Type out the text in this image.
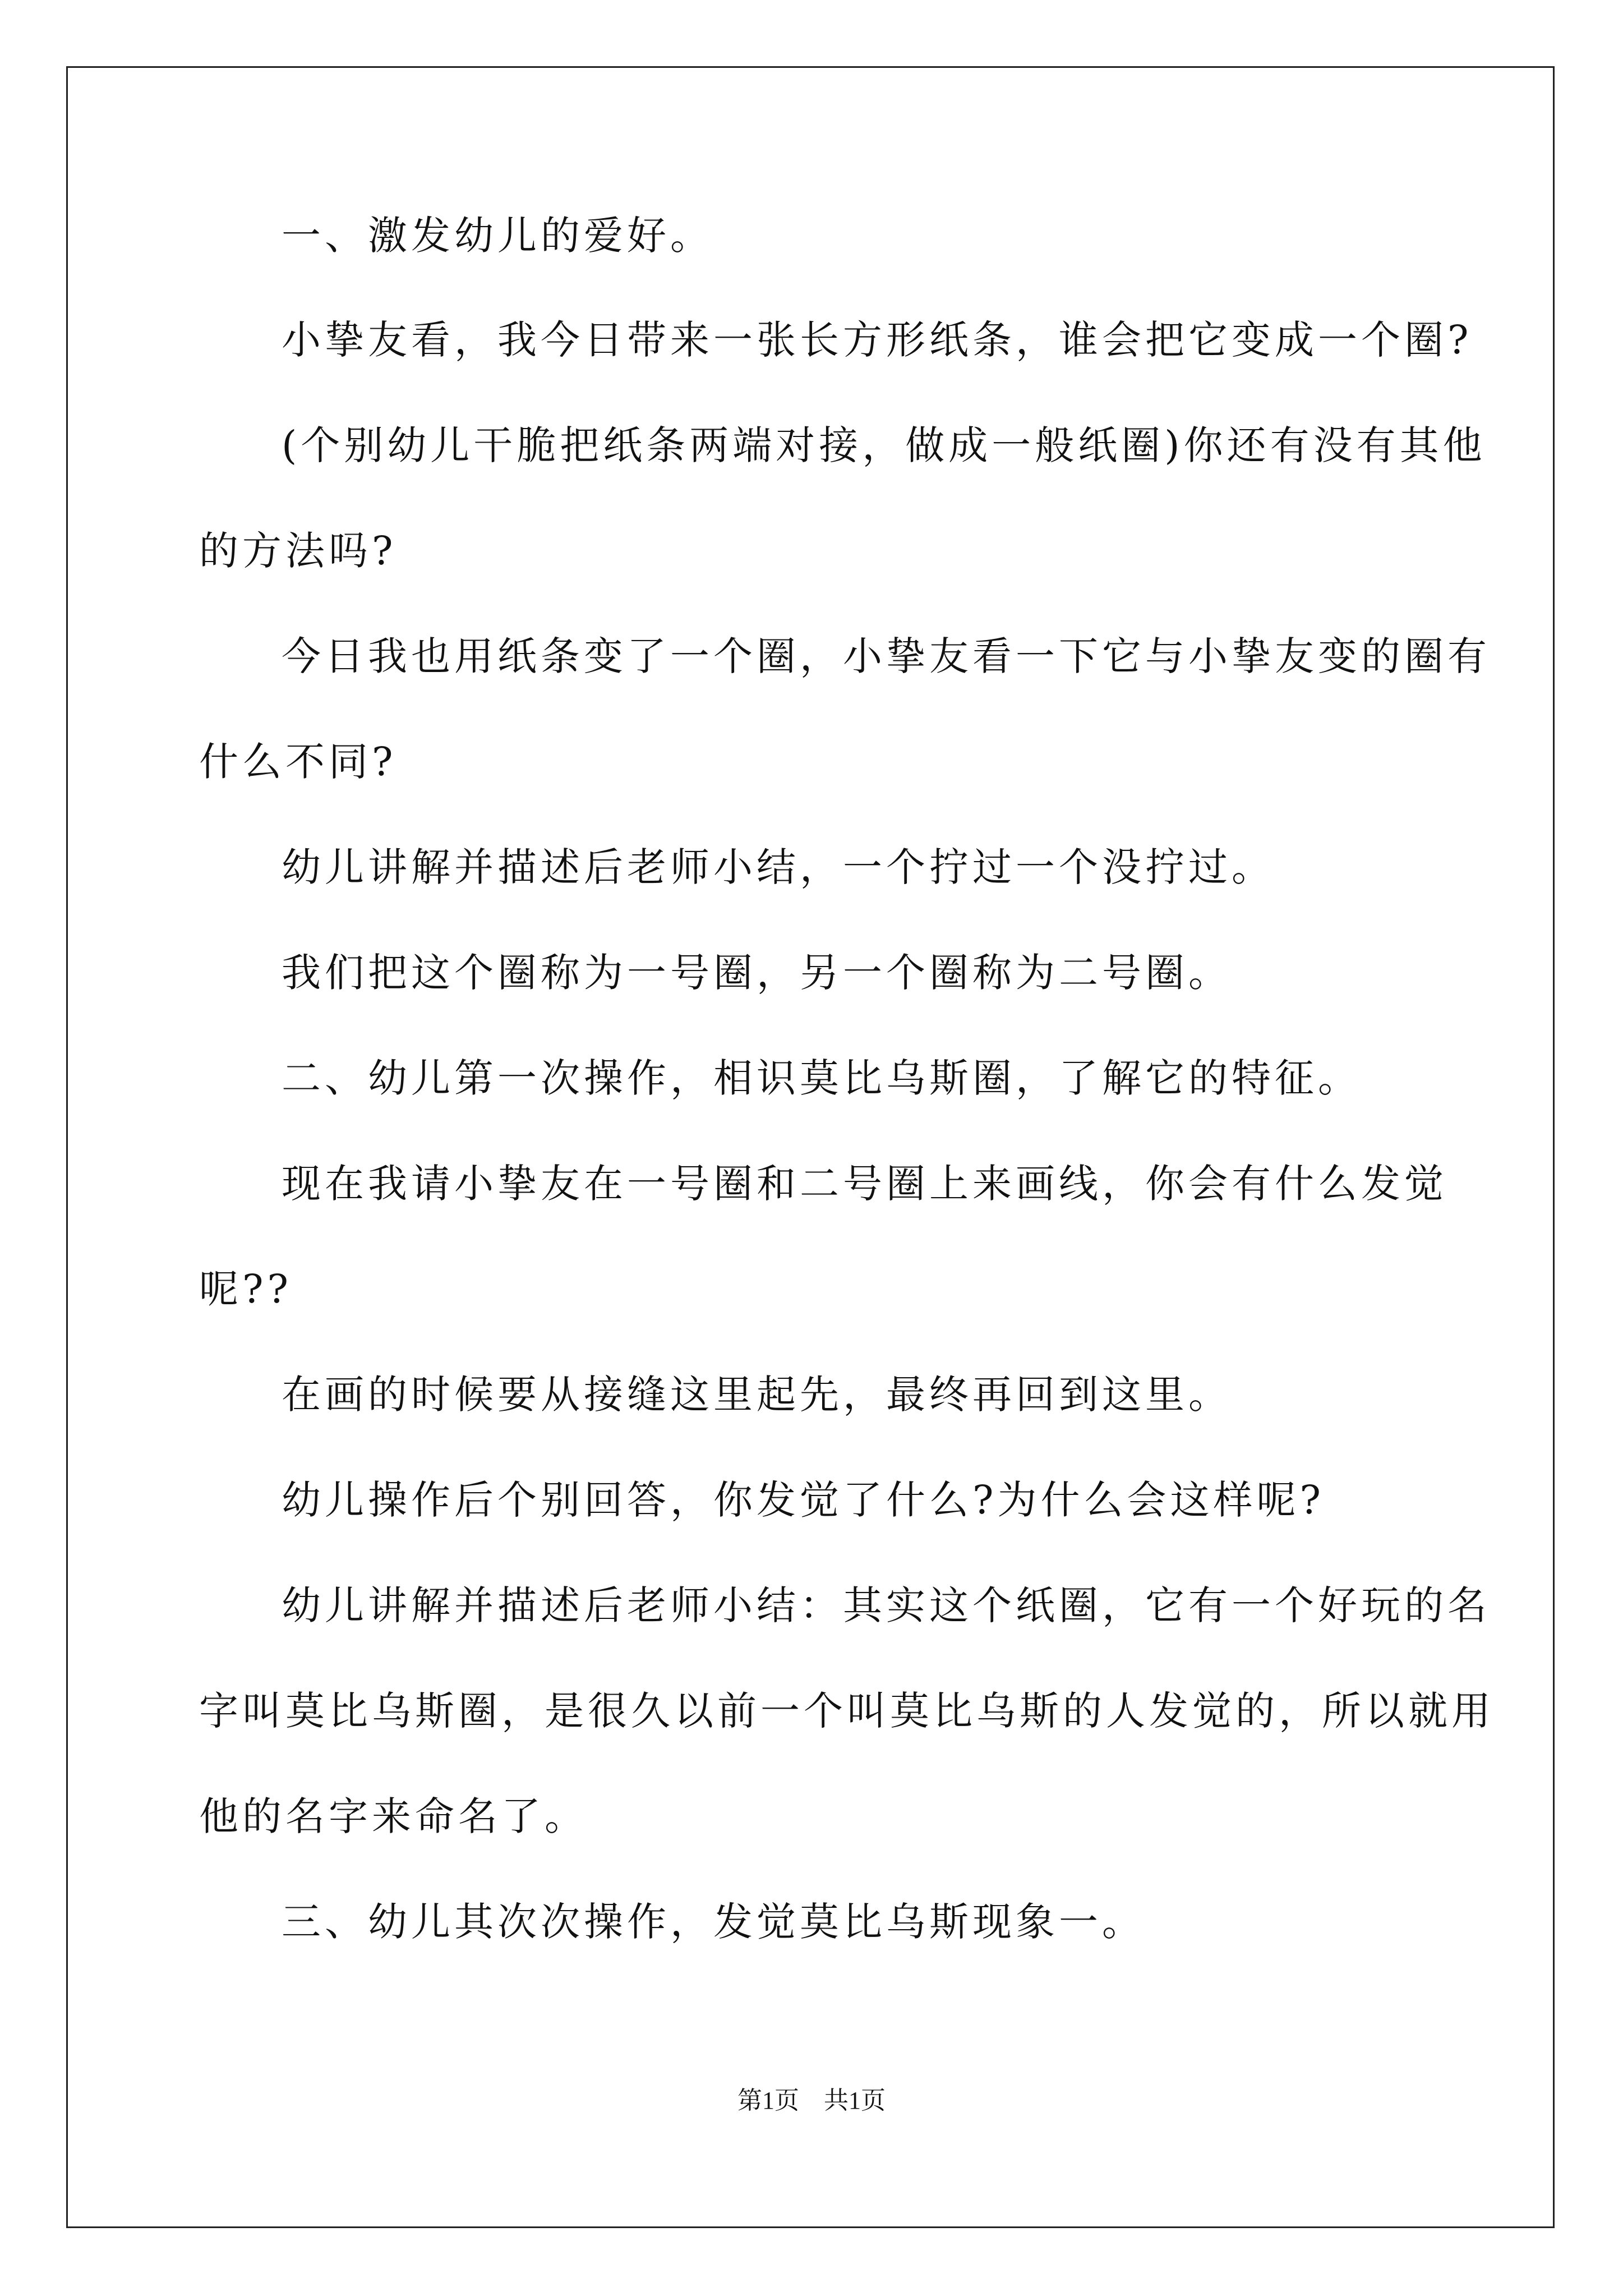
一、激发幼儿的爱好。
小挚友看，我今日带来一张长方形纸条，谁会把它变成一个圈?
(个别幼儿干脆把纸条两端对接，做成一般纸圈)你还有没有其他
的方法吗?
今日我也用纸条变了一个圈，小挚友看一下它与小挚友变的圈有
什么不同?
幼儿讲解并描述后老师小结，一个拧过一个没拧过。
我们把这个圈称为一号圈，另一个圈称为二号圈。
二、幼儿第一次操作，相识莫比乌斯圈，了解它的特征。
现在我请小挚友在一号圈和二号圈上来画线，你会有什么发觉
呢??
在画的时候要从接缝这里起先，最终再回到这里。
幼儿操作后个别回答，你发觉了什么?为什么会这样呢?
幼儿讲解并描述后老师小结：其实这个纸圈，它有一个好玩的名
字叫莫比乌斯圈，是很久以前一个叫莫比乌斯的人发觉的，所以就用
他的名字来命名了。
三、幼儿其次次操作，发觉莫比乌斯现象一。
第1页　共1页
